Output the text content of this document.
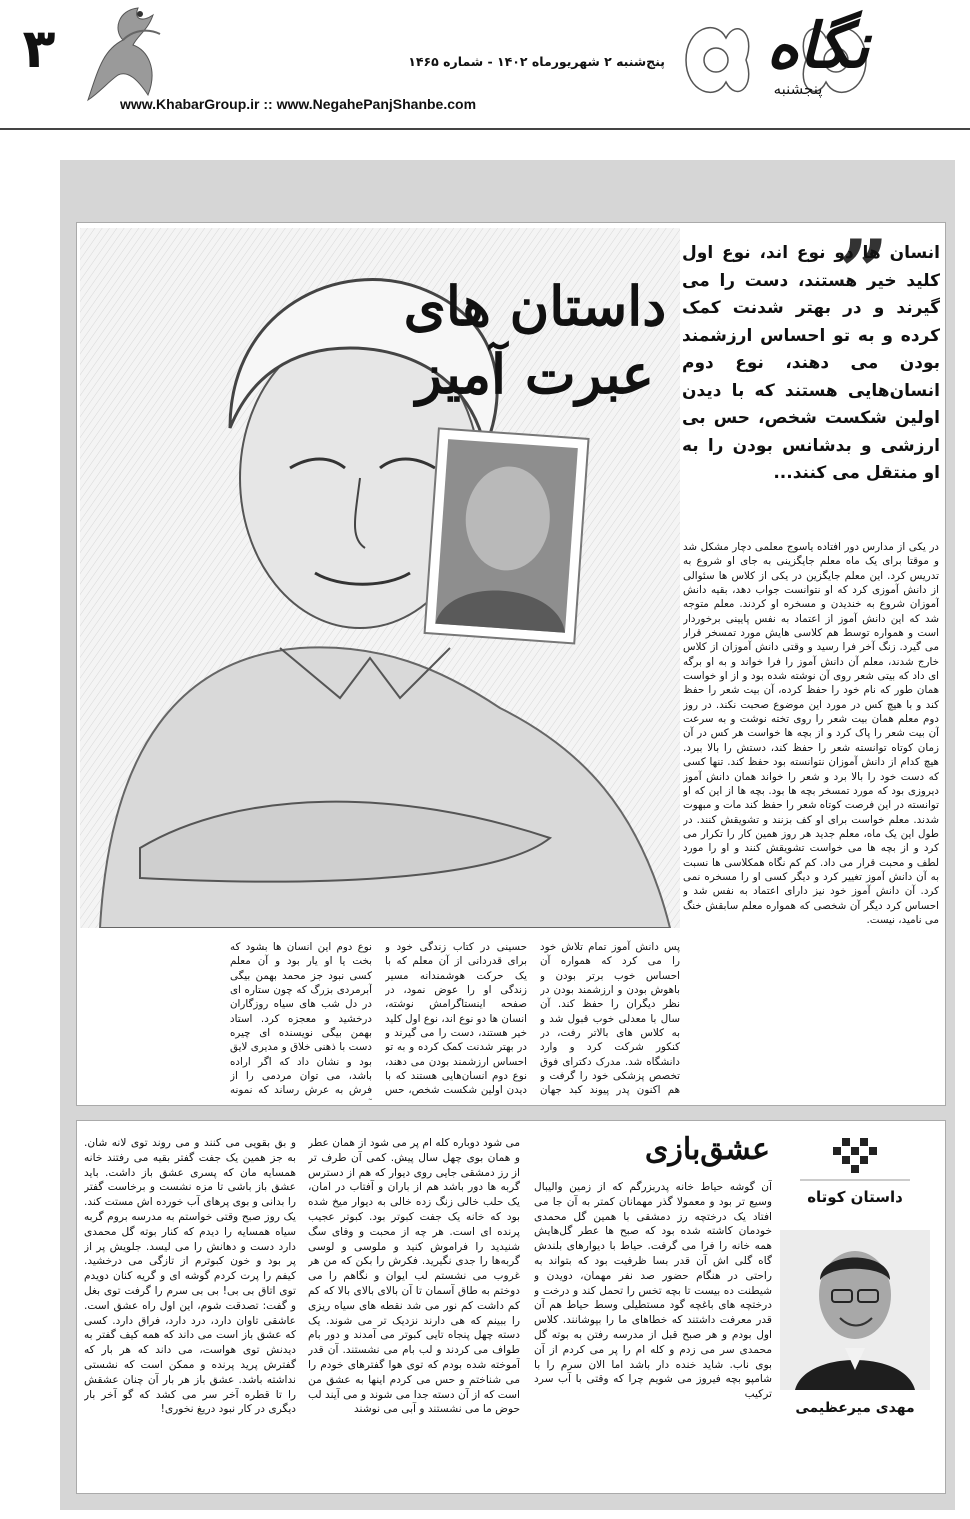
۳	پنج‌شنبه ۲ شهریورماه ۱۴۰۲ - شماره ۱۴۶۵
www.KhabarGroup.ir :: www.NegahePanjShanbe.com
نگاه
پنجشنبه
داستان های عبرت آمیز
”
انسان ها دو نوع اند، نوع اول کلید خیر هستند، دست را می گیرند و در بهتر شدنت کمک کرده و به تو احساس ارزشمند بودن می دهند، نوع دوم انسان‌هایی هستند که با دیدن اولین شکست شخص، حس بی ارزشی و بدشانس بودن را به او منتقل می کنند...
در یکی از مدارس دور افتاده یاسوج معلمی دچار مشکل شد و موقتا برای یک ماه معلم جایگزینی به جای او شروع به تدریس کرد. این معلم جایگزین در یکی از کلاس ها سئوالی از دانش آموزی کرد که او نتوانست جواب دهد، بقیه دانش آموزان شروع به خندیدن و مسخره او کردند. معلم متوجه شد که این دانش آموز از اعتماد به نفس پایینی برخوردار است و همواره توسط هم کلاسی هایش مورد تمسخر قرار می گیرد. زنگ آخر فرا رسید و وقتی دانش آموزان از کلاس خارج شدند، معلم آن دانش آموز را فرا خواند و به او برگه ای داد که بیتی شعر روی آن نوشته شده بود و از او خواست همان طور که نام خود را حفظ کرده، آن بیت شعر را حفظ کند و با هیچ کس در مورد این موضوع صحبت نکند. در روز دوم معلم همان بیت شعر را روی تخته نوشت و به سرعت آن بیت شعر را پاک کرد و از بچه ها خواست هر کس در آن زمان کوتاه توانسته شعر را حفظ کند، دستش را بالا ببرد. هیچ کدام از دانش آموزان نتوانسته بود حفظ کند. تنها کسی که دست خود را بالا برد و شعر را خواند همان دانش آموز دیروزی بود که مورد تمسخر بچه ها بود. بچه ها از این که او توانسته در این فرصت کوتاه شعر را حفظ کند مات و مبهوت شدند. معلم خواست برای او کف بزنند و تشویقش کنند. در طول این یک ماه، معلم جدید هر روز همین کار را تکرار می کرد و از بچه ها می خواست تشویقش کنند و او را مورد لطف و محبت قرار می داد. کم کم نگاه همکلاسی ها نسبت به آن دانش آموز تغییر کرد و دیگر کسی او را مسخره نمی کرد. آن دانش آموز خود نیز دارای اعتماد به نفس شد و احساس کرد دیگر آن شخصی که همواره معلم سابقش خنگ می نامید، نیست.
پس دانش آموز تمام تلاش خود را می کرد که همواره آن احساس خوب برتر بودن و باهوش بودن و ارزشمند بودن در نظر دیگران را حفظ کند. آن سال با معدلی خوب قبول شد و به کلاس های بالاتر رفت، در کنکور شرکت کرد و وارد دانشگاه شد. مدرک دکترای فوق تخصص پزشکی خود را گرفت و هم اکنون پدر پیوند کبد جهان
حسینی در کتاب زندگی خود و برای قدردانی از آن معلم که با یک حرکت هوشمندانه مسیر زندگی او را عوض نمود، در صفحه اینستاگرامش نوشته، انسان ها دو نوع اند، نوع اول کلید خیر هستند، دست را می گیرند و در بهتر شدنت کمک کرده و به تو احساس ارزشمند بودن می دهند، نوع دوم انسان‌هایی هستند که با دیدن اولین شکست شخص، حس
نوع دوم این انسان ها بشود که بخت یا او یار بود و آن معلم کسی نبود جز محمد بهمن بیگی آبرمردی بزرگ که چون ستاره ای در دل شب های سیاه روزگاران درخشید و معجزه کرد. استاد بهمن بیگی نویسنده ای چیره دست با ذهنی خلاق و مدیری لایق بود و نشان داد که اگر اراده باشد، می توان مردمی را از فرش به عرش رساند که نمونه
داستان کوتاه
مهدی میرعظیمی
عشق‌بازی
آن گوشه حیاط خانه پدربزرگم که از زمین والیبال وسیع تر بود و معمولا گذر مهمانان کمتر به آن جا می افتاد یک درختچه رز دمشقی با همین گل محمدی خودمان کاشته شده بود که صبح ها عطر گل‌هایش همه خانه را فرا می گرفت. حیاط با دیوارهای بلندش گاه گلی اش آن قدر بسا ظرفیت بود که بتواند به راحتی در هنگام حضور صد نفر مهمان، دویدن و شیطنت ده بیست تا بچه تخس را تحمل کند و درخت و درختچه های باغچه گود مستطیلی وسط حیاط هم آن قدر معرفت داشتند که خطاهای ما را بپوشانند. کلاس اول بودم و هر صبح قبل از مدرسه رفتن به بوته گل محمدی سر می زدم و کله ام را پر می کردم از آن بوی ناب. شاید خنده دار باشد اما الان سرم را با شامپو بچه فیروز می شویم چرا که وقتی با آب سرد ترکیب
می شود دوباره کله ام پر می شود از همان عطر و همان بوی چهل سال پیش. کمی آن طرف تر از رز دمشقی جایی روی دیوار که هم از دسترس گربه ها دور باشد هم از باران و آفتاب در امان، یک حلب خالی زنگ زده خالی به دیوار میخ شده بود که خانه یک جفت کبوتر بود. کبوتر عجیب پرنده ای است. هر چه از محبت و وفای سگ شنیدید را فراموش کنید و ملوسی و لوسی گربه‌ها را جدی نگیرید. فکرش را بکن که من هر غروب می نشستم لب ایوان و نگاهم را می دوختم به طاق آسمان تا آن بالای بالای بالا که کم کم داشت کم نور می شد نقطه های سیاه ریزی را ببینم که هی دارند نزدیک تر می شوند. یک دسته چهل پنجاه تایی کبوتر می آمدند و دور بام طواف می کردند و لب بام می نشستند. آن قدر آموخته شده بودم که توی هوا گفترهای خودم را می شناختم و حس می کردم اینها به عشق من است که از آن دسته جدا می شوند و می آیند لب حوض ما می نشستند و آبی می نوشند
و بق بقویی می کنند و می روند توی لانه شان. به جز همین یک جفت گفتر بقیه می رفتند خانه همسایه مان که پسری عشق باز داشت. باید عشق باز باشی تا مزه نشست و برخاست گفتر را بدانی و بوی پرهای آب خورده اش مستت کند. یک روز صبح وقتی خواستم به مدرسه بروم گربه سیاه همسایه را دیدم که کنار بوته گل محمدی دارد دست و دهانش را می لیسد. جلویش پر از پر بود و خون کبوترم از تازگی می درخشید. کیفم را پرت کردم گوشه ای و گریه کنان دویدم توی اتاق بی بی! بی بی سرم را گرفت توی بغل و گفت: تصدقت شوم، این اول راه عشق است. عاشقی تاوان دارد، درد دارد، فراق دارد. کسی که عشق باز است می داند که همه کیف گفتر به دیدنش توی هواست، می داند که هر بار که گفترش پرید پرنده و ممکن است که نشستی نداشته باشد. عشق باز هر بار آن چنان عشقش را تا قطره آخر سر می کشد که گو آخر بار دیگری در کار نبود دریغ نخوری!
